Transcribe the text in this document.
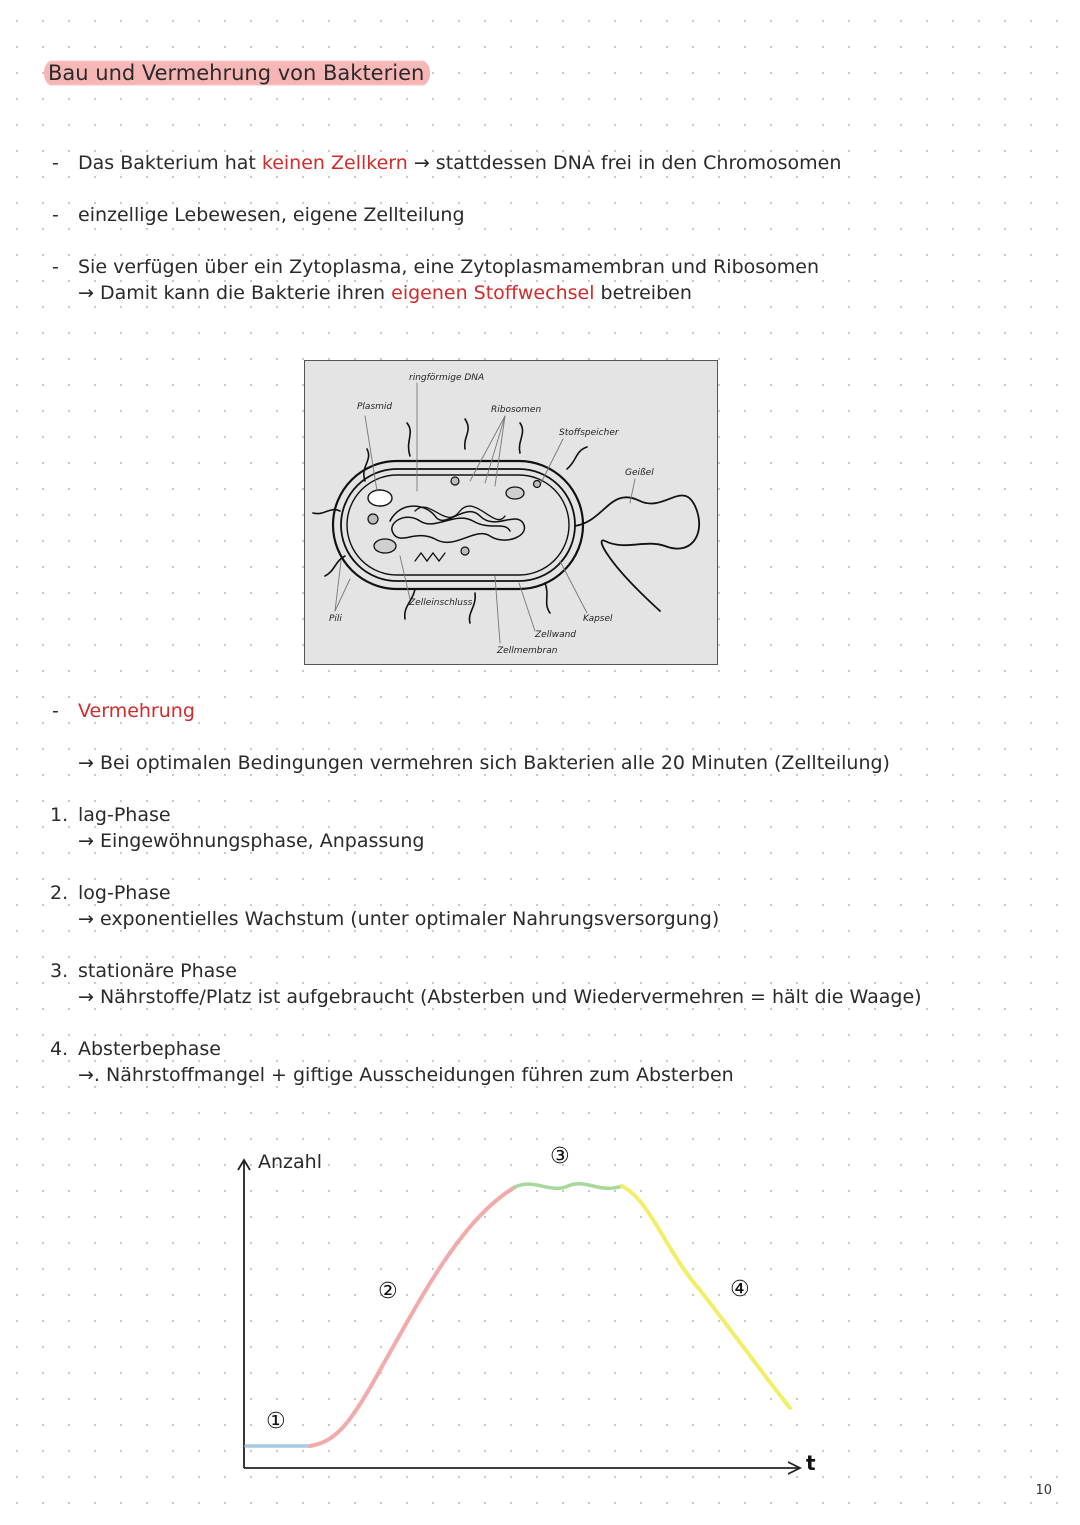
Bau und Vermehrung von Bakterien
- Das Bakterium hat keinen Zellkern → stattdessen DNA frei in den Chromosomen
- einzellige Lebewesen, eigene Zellteilung
- Sie verfügen über ein Zytoplasma, eine Zytoplasmamembran und Ribosomen
→ Damit kann die Bakterie ihren eigenen Stoffwechsel betreiben
ringförmige DNA
Plasmid	Ribosomen
Stoffspeicher
Geißel
Pili
Zelleinschluss
Kapsel
Zellwand
Zellmembran
- Vermehrung
→ Bei optimalen Bedingungen vermehren sich Bakterien alle 20 Minuten (Zellteilung)
1. lag-Phase
→ Eingewöhnungsphase, Anpassung
2. log-Phase
→ exponentielles Wachstum (unter optimaler Nahrungsversorgung)
3. stationäre Phase
→ Nährstoffe/Platz ist aufgebraucht (Absterben und Wiedervermehren = hält die Waage)
4. Absterbephase
→. Nährstoffmangel + giftige Ausscheidungen führen zum Absterben
Anzahl
t
①
②
③
④
10
